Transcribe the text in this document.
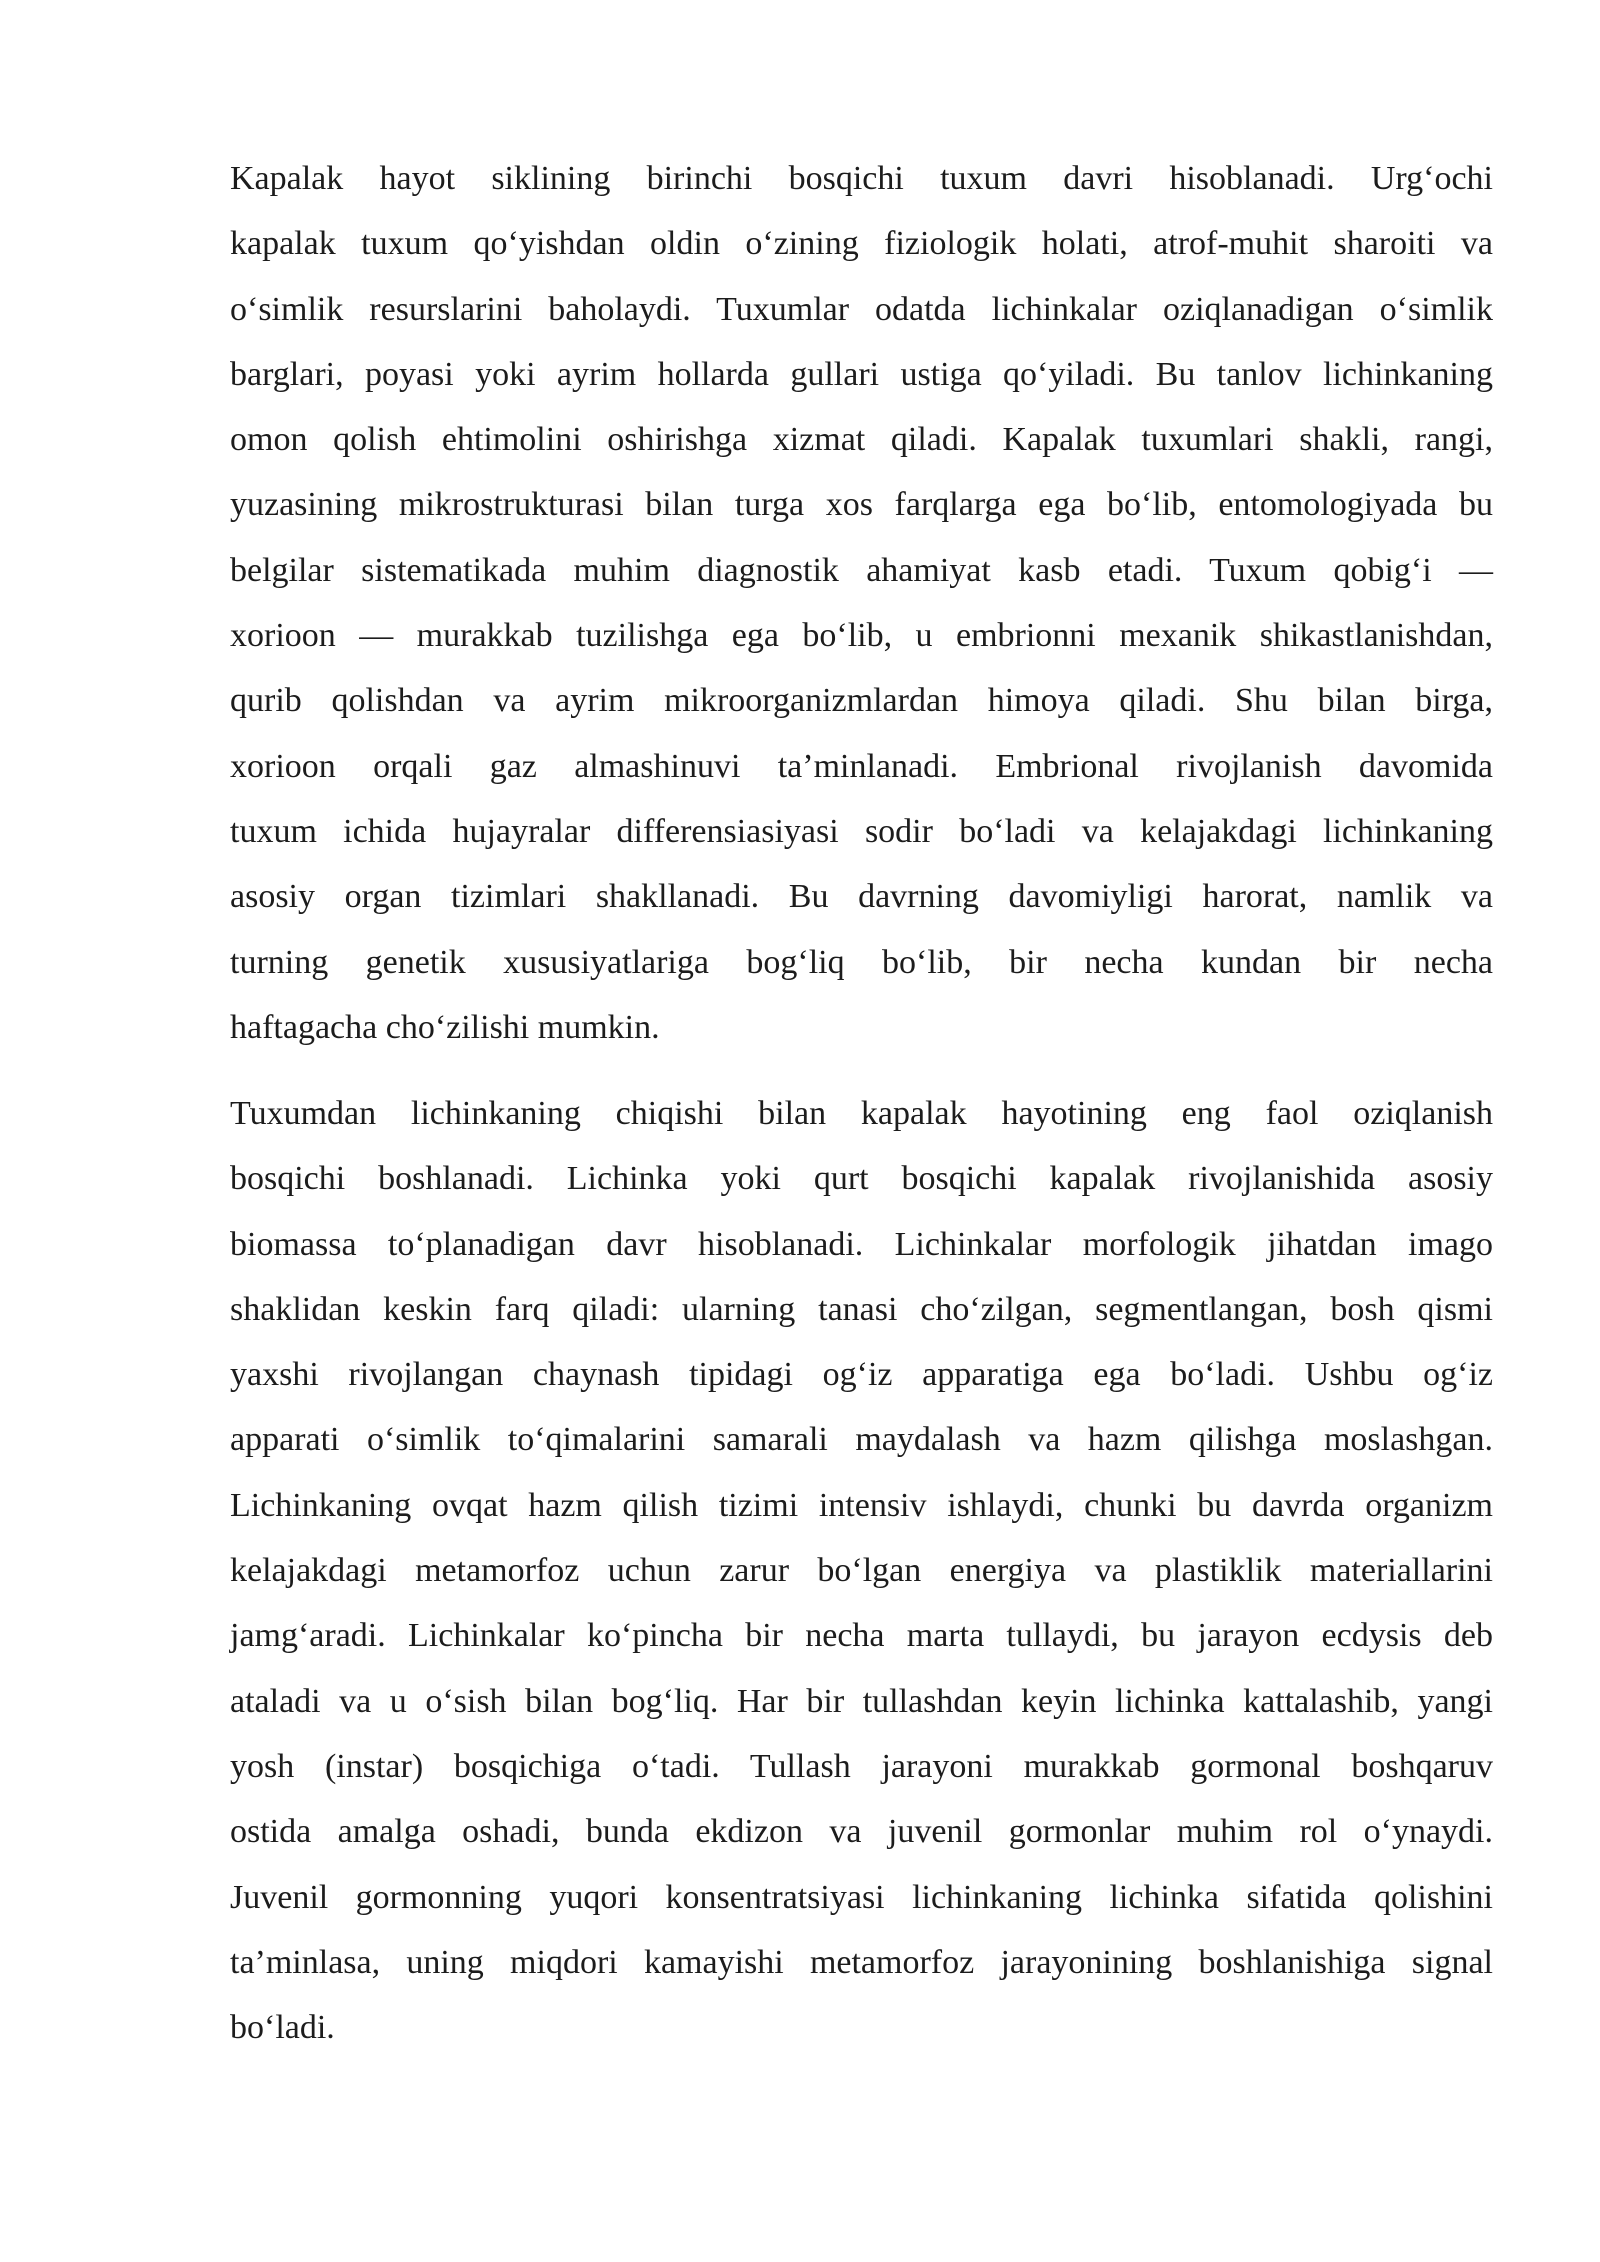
Kapalak hayot siklining birinchi bosqichi tuxum davri hisoblanadi. Urg‘ochi
kapalak tuxum qo‘yishdan oldin o‘zining fiziologik holati, atrof-muhit sharoiti va
o‘simlik resurslarini baholaydi. Tuxumlar odatda lichinkalar oziqlanadigan o‘simlik
barglari, poyasi yoki ayrim hollarda gullari ustiga qo‘yiladi. Bu tanlov lichinkaning
omon qolish ehtimolini oshirishga xizmat qiladi. Kapalak tuxumlari shakli, rangi,
yuzasining mikrostrukturasi bilan turga xos farqlarga ega bo‘lib, entomologiyada bu
belgilar sistematikada muhim diagnostik ahamiyat kasb etadi. Tuxum qobig‘i —
xorioon — murakkab tuzilishga ega bo‘lib, u embrionni mexanik shikastlanishdan,
qurib qolishdan va ayrim mikroorganizmlardan himoya qiladi. Shu bilan birga,
xorioon orqali gaz almashinuvi ta’minlanadi. Embrional rivojlanish davomida
tuxum ichida hujayralar differensiasiyasi sodir bo‘ladi va kelajakdagi lichinkaning
asosiy organ tizimlari shakllanadi. Bu davrning davomiyligi harorat, namlik va
turning genetik xususiyatlariga bog‘liq bo‘lib, bir necha kundan bir necha
haftagacha cho‘zilishi mumkin.
Tuxumdan lichinkaning chiqishi bilan kapalak hayotining eng faol oziqlanish
bosqichi boshlanadi. Lichinka yoki qurt bosqichi kapalak rivojlanishida asosiy
biomassa to‘planadigan davr hisoblanadi. Lichinkalar morfologik jihatdan imago
shaklidan keskin farq qiladi: ularning tanasi cho‘zilgan, segmentlangan, bosh qismi
yaxshi rivojlangan chaynash tipidagi og‘iz apparatiga ega bo‘ladi. Ushbu og‘iz
apparati o‘simlik to‘qimalarini samarali maydalash va hazm qilishga moslashgan.
Lichinkaning ovqat hazm qilish tizimi intensiv ishlaydi, chunki bu davrda organizm
kelajakdagi metamorfoz uchun zarur bo‘lgan energiya va plastiklik materiallarini
jamg‘aradi. Lichinkalar ko‘pincha bir necha marta tullaydi, bu jarayon ecdysis deb
ataladi va u o‘sish bilan bog‘liq. Har bir tullashdan keyin lichinka kattalashib, yangi
yosh (instar) bosqichiga o‘tadi. Tullash jarayoni murakkab gormonal boshqaruv
ostida amalga oshadi, bunda ekdizon va juvenil gormonlar muhim rol o‘ynaydi.
Juvenil gormonning yuqori konsentratsiyasi lichinkaning lichinka sifatida qolishini
ta’minlasa, uning miqdori kamayishi metamorfoz jarayonining boshlanishiga signal
bo‘ladi.
